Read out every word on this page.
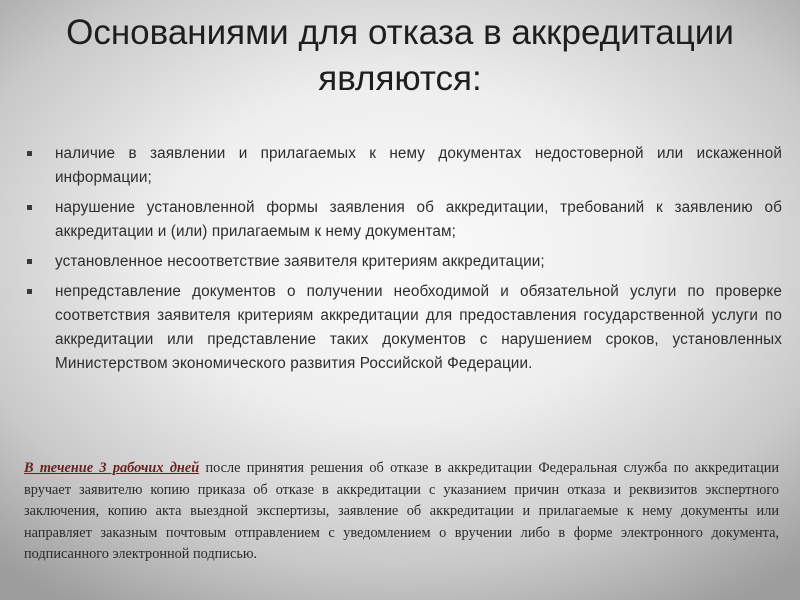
Основаниями для отказа в аккредитации
являются:
наличие в заявлении и прилагаемых к нему документах недостоверной или искаженной информации;
нарушение установленной формы заявления об аккредитации, требований к заявлению об аккредитации и (или) прилагаемым к нему документам;
установленное несоответствие заявителя критериям аккредитации;
непредставление документов о получении необходимой и обязательной услуги по проверке соответствия заявителя критериям аккредитации для предоставления государственной услуги по аккредитации или представление таких документов с нарушением сроков, установленных Министерством экономического развития Российской Федерации.

В течение 3 рабочих дней после принятия решения об отказе в аккредитации Федеральная служба по аккредитации вручает заявителю копию приказа об отказе в аккредитации с указанием причин отказа и реквизитов экспертного заключения, копию акта выездной экспертизы, заявление об аккредитации и прилагаемые к нему документы или направляет заказным почтовым отправлением с уведомлением о вручении либо в форме электронного документа, подписанного электронной подписью.
